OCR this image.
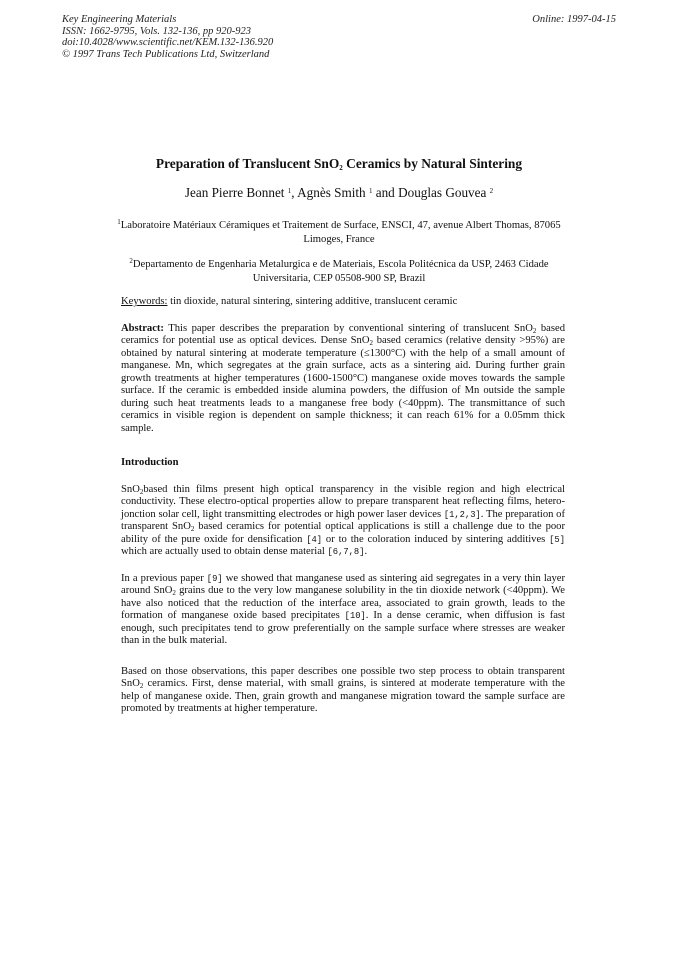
Key Engineering Materials
ISSN: 1662-9795, Vols. 132-136, pp 920-923
doi:10.4028/www.scientific.net/KEM.132-136.920
© 1997 Trans Tech Publications Ltd, Switzerland
Online: 1997-04-15
Preparation of Translucent SnO$_2$ Ceramics by Natural Sintering
Jean Pierre Bonnet $^1$, Agnès Smith $^1$ and Douglas Gouvea $^2$
$^1$Laboratoire Matériaux Céramiques et Traitement de Surface, ENSCI, 47, avenue Albert Thomas, 87065 Limoges, France
$^2$Departamento de Engenharia Metalurgica e de Materiais, Escola Politécnica da USP, 2463 Cidade Universitaria, CEP 05508-900 SP, Brazil
Keywords: tin dioxide, natural sintering, sintering additive, translucent ceramic

Abstract: This paper describes the preparation by conventional sintering of translucent SnO$_2$ based ceramics for potential use as optical devices. Dense SnO$_2$ based ceramics (relative density >95%) are obtained by natural sintering at moderate temperature (≤1300°C) with the help of a small amount of manganese. Mn, which segregates at the grain surface, acts as a sintering aid. During further grain growth treatments at higher temperatures (1600-1500°C) manganese oxide moves towards the sample surface. If the ceramic is embedded inside alumina powders, the diffusion of Mn outside the sample during such heat treatments leads to a manganese free body (<40ppm). The transmittance of such ceramics in visible region is dependent on sample thickness; it can reach 61% for a 0.05mm thick sample.

Introduction

SnO$_2$based thin films present high optical transparency in the visible region and high electrical conductivity. These electro-optical properties allow to prepare transparent heat reflecting films, hetero-jonction solar cell, light transmitting electrodes or high power laser devices [1,2,3]. The preparation of transparent SnO$_2$ based ceramics for potential optical applications is still a challenge due to the poor ability of the pure oxide for densification [4] or to the coloration induced by sintering additives [5] which are actually used to obtain dense material [6,7,8].

In a previous paper [9] we showed that manganese used as sintering aid segregates in a very thin layer around SnO$_2$ grains due to the very low manganese solubility in the tin dioxide network (<40ppm). We have also noticed that the reduction of the interface area, associated to grain growth, leads to the formation of manganese oxide based precipitates [10]. In a dense ceramic, when diffusion is fast enough, such precipitates tend to grow preferentially on the sample surface where stresses are weaker than in the bulk material.

Based on those observations, this paper describes one possible two step process to obtain transparent SnO$_2$ ceramics. First, dense material, with small grains, is sintered at moderate temperature with the help of manganese oxide. Then, grain growth and manganese migration toward the sample surface are promoted by treatments at higher temperature.
